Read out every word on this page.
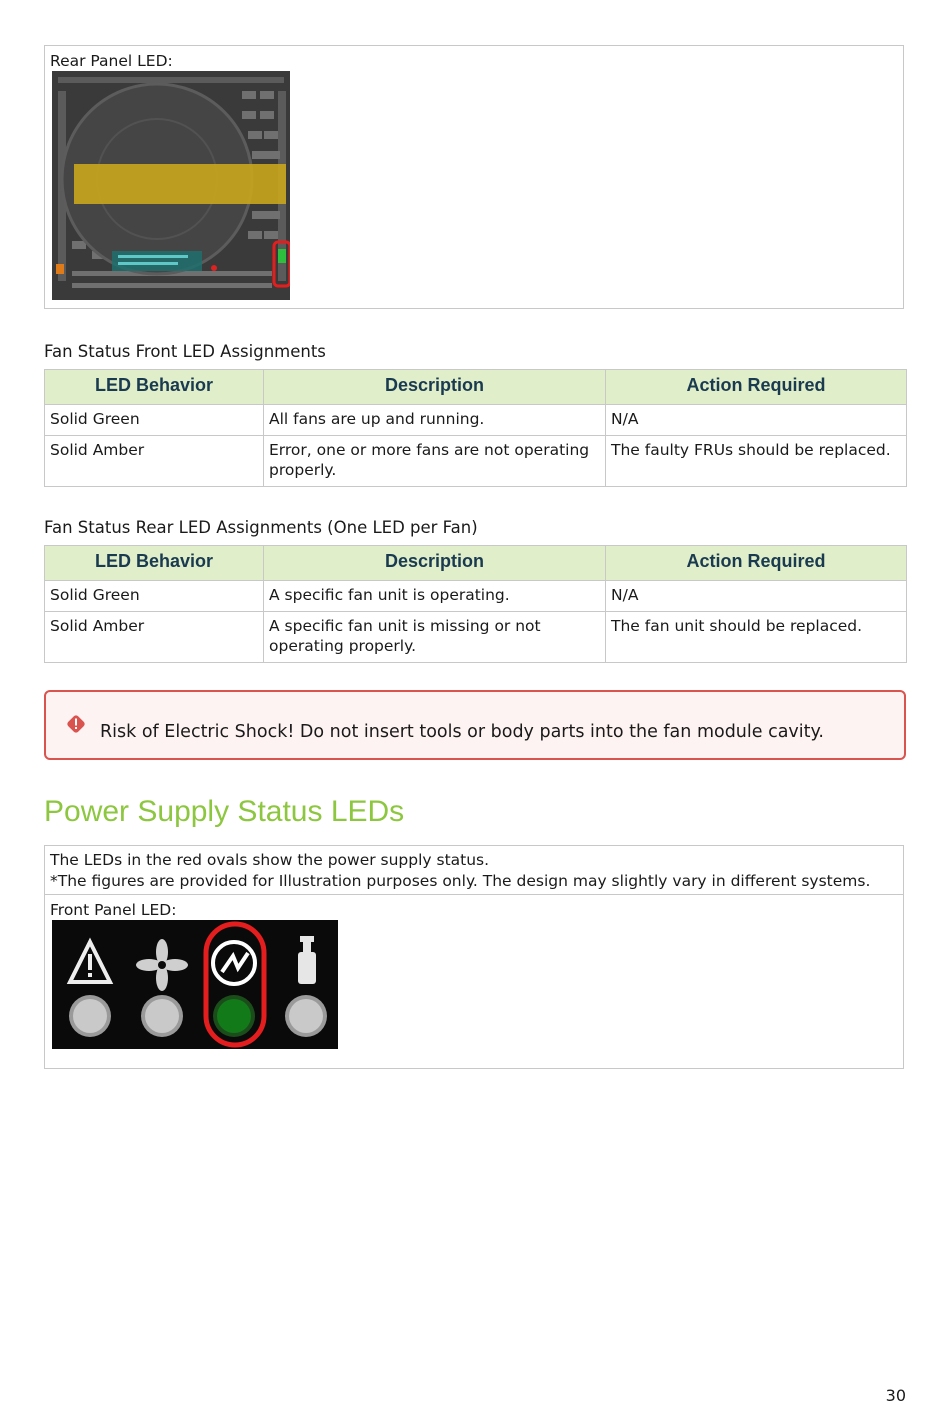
Rear Panel LED:
Fan Status Front LED Assignments
LED Behavior	Description	Action Required
Solid Green	All fans are up and running.	N/A
Solid Amber	Error, one or more fans are not operating properly.	The faulty FRUs should be replaced.
Fan Status Rear LED Assignments (One LED per Fan)
LED Behavior	Description	Action Required
Solid Green	A specific fan unit is operating.	N/A
Solid Amber	A specific fan unit is missing or not operating properly.	The fan unit should be replaced.
Risk of Electric Shock! Do not insert tools or body parts into the fan module cavity.
Power Supply Status LEDs
The LEDs in the red ovals show the power supply status.
*The figures are provided for Illustration purposes only. The design may slightly vary in different systems.
Front Panel LED:
30
